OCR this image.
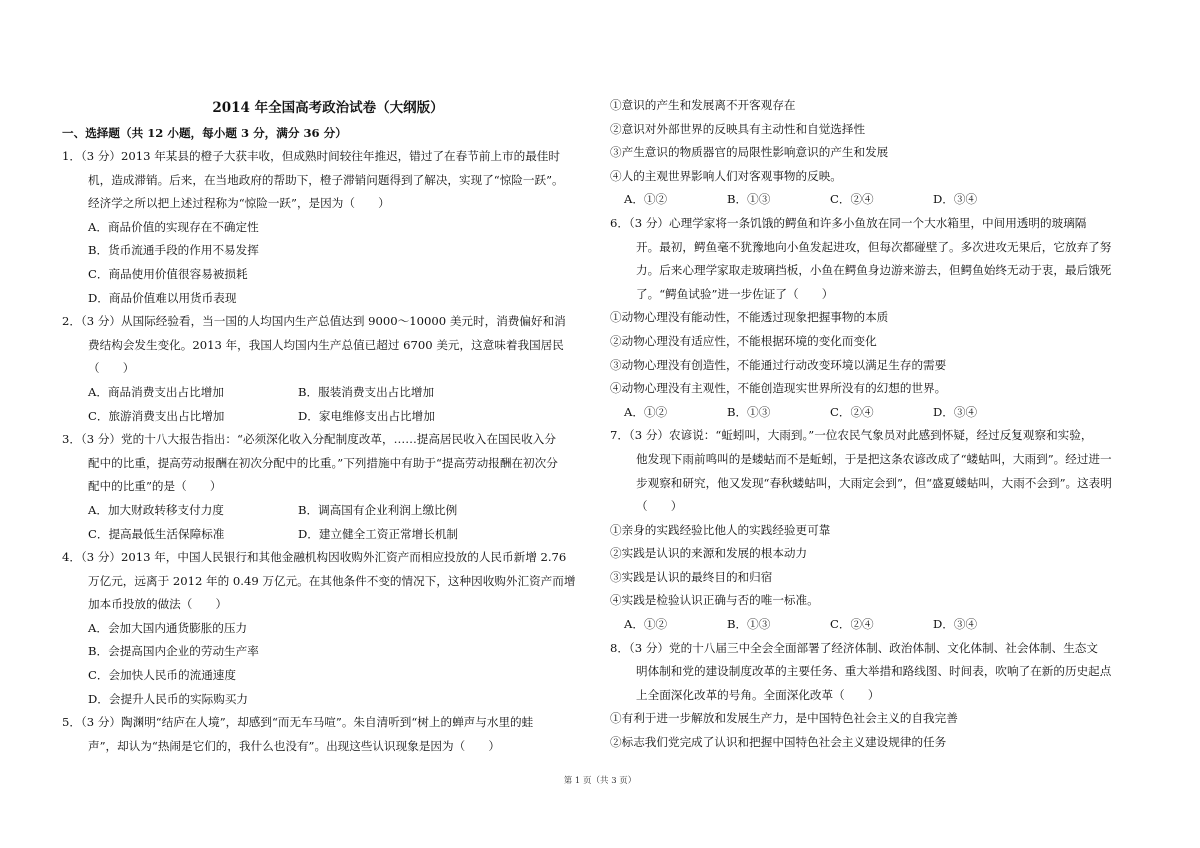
2014 年全国高考政治试卷（大纲版）
一、选择题（共 12 小题，每小题 3 分，满分 36 分）
1．（3 分）2013 年某县的橙子大获丰收，但成熟时间较往年推迟，错过了在春节前上市的最佳时
机，造成滞销。后来，在当地政府的帮助下，橙子滞销问题得到了解决，实现了“惊险一跃”。
经济学之所以把上述过程称为“惊险一跃”，是因为（　　）
A．商品价值的实现存在不确定性
B．货币流通手段的作用不易发挥
C．商品使用价值很容易被损耗
D．商品价值难以用货币表现
2．（3 分）从国际经验看，当一国的人均国内生产总值达到 9000～10000 美元时，消费偏好和消
费结构会发生变化。2013 年，我国人均国内生产总值已超过 6700 美元，这意味着我国居民
（　　）
A．商品消费支出占比增加	B．服装消费支出占比增加
C．旅游消费支出占比增加	D．家电维修支出占比增加
3．（3 分）党的十八大报告指出：“必须深化收入分配制度改革，……提高居民收入在国民收入分
配中的比重，提高劳动报酬在初次分配中的比重。”下列措施中有助于“提高劳动报酬在初次分
配中的比重”的是（　　）
A．加大财政转移支付力度	B．调高国有企业利润上缴比例
C．提高最低生活保障标准	D．建立健全工资正常增长机制
4．（3 分）2013 年，中国人民银行和其他金融机构因收购外汇资产而相应投放的人民币新增 2.76
万亿元，远离于 2012 年的 0.49 万亿元。在其他条件不变的情况下，这种因收购外汇资产而增
加本币投放的做法（　　）
A．会加大国内通货膨胀的压力
B．会提高国内企业的劳动生产率
C．会加快人民币的流通速度
D．会提升人民币的实际购买力
5．（3 分）陶渊明“结庐在人境”，却感到“而无车马喧”。朱自清听到“树上的蝉声与水里的蛙
声”，却认为“热闹是它们的，我什么也没有”。出现这些认识现象是因为（　　）
①意识的产生和发展离不开客观存在
②意识对外部世界的反映具有主动性和自觉选择性
③产生意识的物质器官的局限性影响意识的产生和发展
④人的主观世界影响人们对客观事物的反映。
A．①②	B．①③	C．②④	D．③④
6．（3 分）心理学家将一条饥饿的鳄鱼和许多小鱼放在同一个大水箱里，中间用透明的玻璃隔
开。最初，鳄鱼毫不犹豫地向小鱼发起进攻，但每次都碰壁了。多次进攻无果后，它放弃了努
力。后来心理学家取走玻璃挡板，小鱼在鳄鱼身边游来游去，但鳄鱼始终无动于衷，最后饿死
了。“鳄鱼试验”进一步佐证了（　　）
①动物心理没有能动性，不能透过现象把握事物的本质
②动物心理没有适应性，不能根据环境的变化而变化
③动物心理没有创造性，不能通过行动改变环境以满足生存的需要
④动物心理没有主观性，不能创造现实世界所没有的幻想的世界。
A．①②	B．①③	C．②④	D．③④
7．（3 分）农谚说：“蚯蚓叫，大雨到。”一位农民气象员对此感到怀疑，经过反复观察和实验，
他发现下雨前鸣叫的是蝼蛄而不是蚯蚓，于是把这条农谚改成了“蝼蛄叫，大雨到”。经过进一
步观察和研究，他又发现“春秋蝼蛄叫，大雨定会到”，但“盛夏蝼蛄叫，大雨不会到”。这表明
（　　）
①亲身的实践经验比他人的实践经验更可靠
②实践是认识的来源和发展的根本动力
③实践是认识的最终目的和归宿
④实践是检验认识正确与否的唯一标准。
A．①②	B．①③	C．②④	D．③④
8．（3 分）党的十八届三中全会全面部署了经济体制、政治体制、文化体制、社会体制、生态文
明体制和党的建设制度改革的主要任务、重大举措和路线图、时间表，吹响了在新的历史起点
上全面深化改革的号角。全面深化改革（　　）
①有利于进一步解放和发展生产力，是中国特色社会主义的自我完善
②标志我们党完成了认识和把握中国特色社会主义建设规律的任务
第 1 页（共 3 页）
